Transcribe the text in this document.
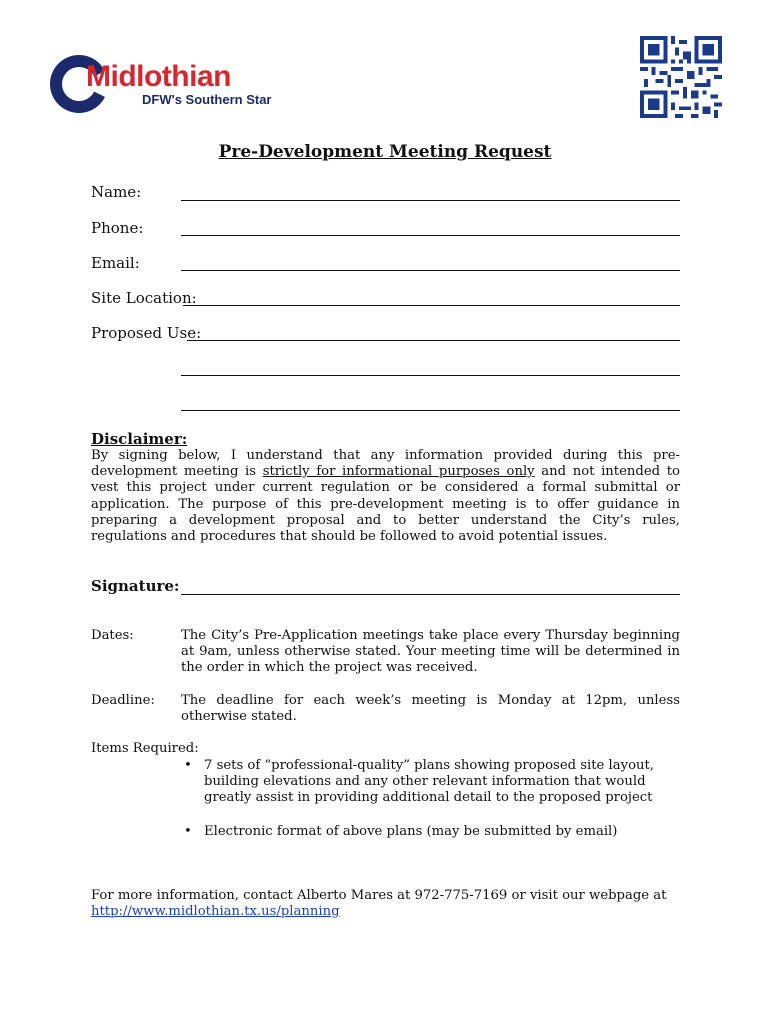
Midlothian
DFW's Southern Star
Pre-Development Meeting Request
Name:
Phone:
Email:
Site Location:
Proposed Use:
Disclaimer:
By signing below, I understand that any information provided during this pre-development meeting is strictly for informational purposes only and not intended to vest this project under current regulation or be considered a formal submittal or application. The purpose of this pre-development meeting is to offer guidance in preparing a development proposal and to better understand the City’s rules, regulations and procedures that should be followed to avoid potential issues.
Signature:
Dates:	The City’s Pre-Application meetings take place every Thursday beginning at 9am, unless otherwise stated. Your meeting time will be determined in the order in which the project was received.
Deadline: The deadline for each week’s meeting is Monday at 12pm, unless otherwise stated.
Items Required:
• 7 sets of “professional-quality” plans showing proposed site layout, building elevations and any other relevant information that would greatly assist in providing additional detail to the proposed project
• Electronic format of above plans (may be submitted by email)
For more information, contact Alberto Mares at 972-775-7169 or visit our webpage at
http://www.midlothian.tx.us/planning
